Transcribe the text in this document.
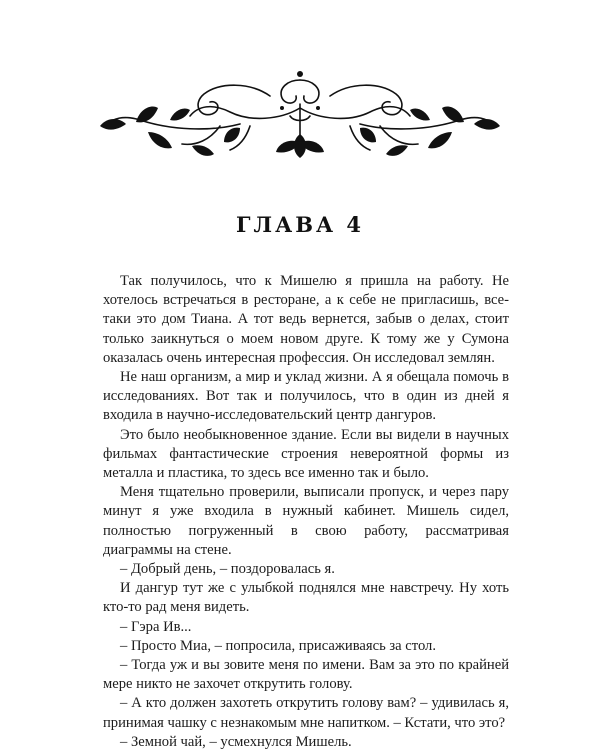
ГЛАВА 4

Так получилось, что к Мишелю я пришла на работу. Не хотелось встречаться в ресторане, а к себе не пригласишь, все-таки это дом Тиана. А тот ведь вернется, забыв о делах, стоит только заикнуться о моем новом друге. К тому же у Сумона оказалась очень интересная профессия. Он исследовал землян.

Не наш организм, а мир и уклад жизни. А я обещала помочь в исследованиях. Вот так и получилось, что в один из дней я входила в научно-исследовательский центр дангуров.

Это было необыкновенное здание. Если вы видели в научных фильмах фантастические строения невероятной формы из металла и пластика, то здесь все именно так и было.

Меня тщательно проверили, выписали пропуск, и через пару минут я уже входила в нужный кабинет. Мишель сидел, полностью погруженный в свою работу, рассматривая диаграммы на стене.

– Добрый день, – поздоровалась я.

И дангур тут же с улыбкой поднялся мне навстречу. Ну хоть кто-то рад меня видеть.

– Гэра Ив...

– Просто Миа, – попросила, присаживаясь за стол.

– Тогда уж и вы зовите меня по имени. Вам за это по крайней мере никто не захочет открутить голову.

– А кто должен захотеть открутить голову вам? – удивилась я, принимая чашку с незнакомым мне напитком. – Кстати, что это?

– Земной чай, – усмехнулся Мишель.
